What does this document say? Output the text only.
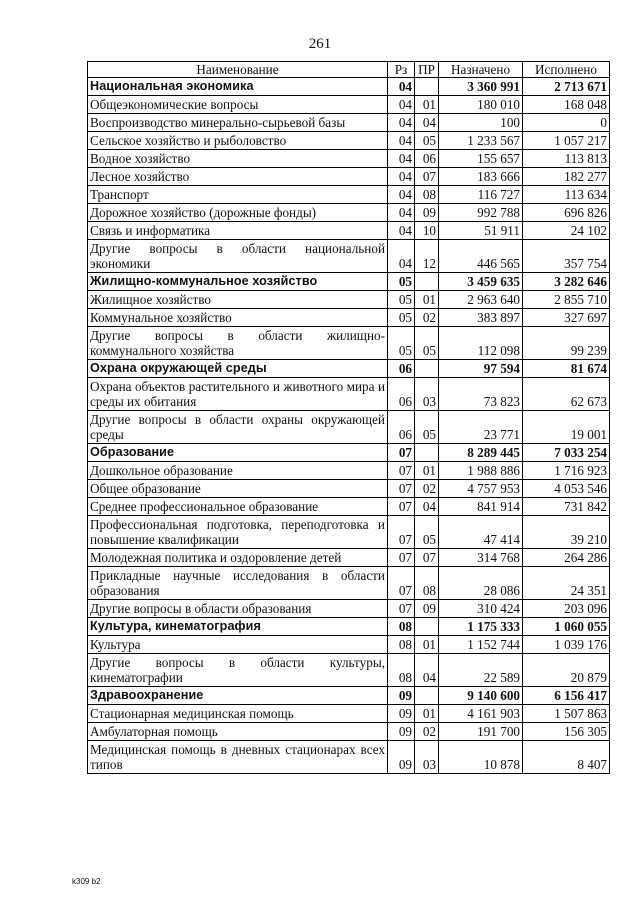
261
Наименование	Рз	ПР	Назначено	Исполнено
Национальная экономика	04		3 360 991	2 713 671
Общеэкономические вопросы	04	01	180 010	168 048
Воспроизводство минерально-сырьевой базы	04	04	100	0
Сельское хозяйство и рыболовство	04	05	1 233 567	1 057 217
Водное хозяйство	04	06	155 657	113 813
Лесное хозяйство	04	07	183 666	182 277
Транспорт	04	08	116 727	113 634
Дорожное хозяйство (дорожные фонды)	04	09	992 788	696 826
Связь и информатика	04	10	51 911	24 102
Другие вопросы в области национальной экономики	04	12	446 565	357 754
Жилищно-коммунальное хозяйство	05		3 459 635	3 282 646
Жилищное хозяйство	05	01	2 963 640	2 855 710
Коммунальное хозяйство	05	02	383 897	327 697
Другие вопросы в области жилищно-коммунального хозяйства	05	05	112 098	99 239
Охрана окружающей среды	06		97 594	81 674
Охрана объектов растительного и животного мира и среды их обитания	06	03	73 823	62 673
Другие вопросы в области охраны окружающей среды	06	05	23 771	19 001
Образование	07		8 289 445	7 033 254
Дошкольное образование	07	01	1 988 886	1 716 923
Общее образование	07	02	4 757 953	4 053 546
Среднее профессиональное образование	07	04	841 914	731 842
Профессиональная подготовка, переподготовка и повышение квалификации	07	05	47 414	39 210
Молодежная политика и оздоровление детей	07	07	314 768	264 286
Прикладные научные исследования в области образования	07	08	28 086	24 351
Другие вопросы в области образования	07	09	310 424	203 096
Культура, кинематография	08		1 175 333	1 060 055
Культура	08	01	1 152 744	1 039 176
Другие вопросы в области культуры, кинематографии	08	04	22 589	20 879
Здравоохранение	09		9 140 600	6 156 417
Стационарная медицинская помощь	09	01	4 161 903	1 507 863
Амбулаторная помощь	09	02	191 700	156 305
Медицинская помощь в дневных стационарах всех типов	09	03	10 878	8 407
k309 b2
